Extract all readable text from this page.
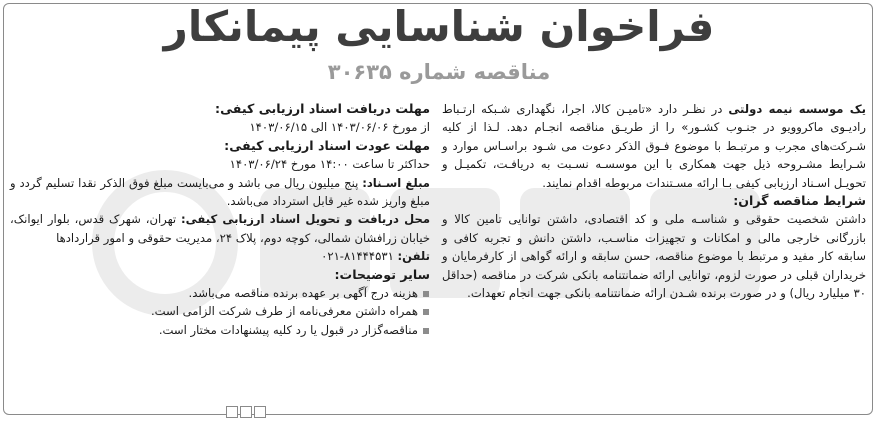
فراخوان شناسایی پیمانکار
مناقصه شماره ۳۰۶۳۵

یک موسسه نیمه دولتی در نظـر دارد «تامیـن کالا، اجرا، نگهداری شـبکه ارتـباط رادیـوی ماکروویو در جنـوب کشـور» را از طریـق مناقصه انجـام دهد. لـذا از کلیه شـرکت‌های مجرب و مرتبـط با موضوع فـوق الذکر دعوت می شـود براسـاس موارد و شـرایط مشـروحه ذیل جهت همکاری با این موسسـه نسـبت به دریافـت، تکمیـل و تحویـل اسـناد ارزیابی کیفی بـا ارائه مسـتندات مربوطه اقدام نمایند.

شرایط مناقصه گران:

داشتن شخصیت حقوقی و شناسـه ملی و کد اقتصادی، داشتن توانایی تامین کالا و بازرگانی خارجی مالی و امکانات و تجهیزات مناسـب، داشتن دانش و تجربه کافی و سابقه کار مفید و مرتبط با موضوع مناقصه، حسن سابقه و ارائه گواهی از کارفرمایان و خریداران قبلی در صورت لزوم، توانایی ارائه ضمانتنامه بانکی شرکت در مناقصه (حداقل ۳۰ میلیارد ریال) و در صورت برنده شـدن ارائه ضمانتنامه بانکی جهت انجام تعهدات.

مهلت دریافت اسناد ارزیابی کیفی:

از مورخ ۱۴۰۳/۰۶/۰۶ الی ۱۴۰۳/۰۶/۱۵

مهلت عودت اسناد ارزیابی کیفی:

حداکثر تا ساعت ۱۴:۰۰ مورخ ۱۴۰۳/۰۶/۲۴

مبلغ اسـناد: پنج میلیون ریال می باشد و می‌بایست مبلغ فوق الذکر نقدا تسلیم گردد و مبلغ واریز شده غیر قابل استرداد می‌باشد.

محل دریافت و تحویل اسناد ارزیابی کیفی: تهران، شهرک قدس، بلوار ایوانک، خیابان زرافشان شمالی، کوچه دوم، پلاک ۲۴، مدیریت حقوقی و امور قراردادها

تلفن: ۸۱۴۴۴۵۳۱-۰۲۱

سایر توضیحات:

هزینه درج آگهی بر عهده برنده مناقصه می‌باشد.
همراه داشتن معرفی‌نامه از طرف شرکت الزامی است.
مناقصه‌گزار در قبول یا رد کلیه پیشنهادات مختار است.
